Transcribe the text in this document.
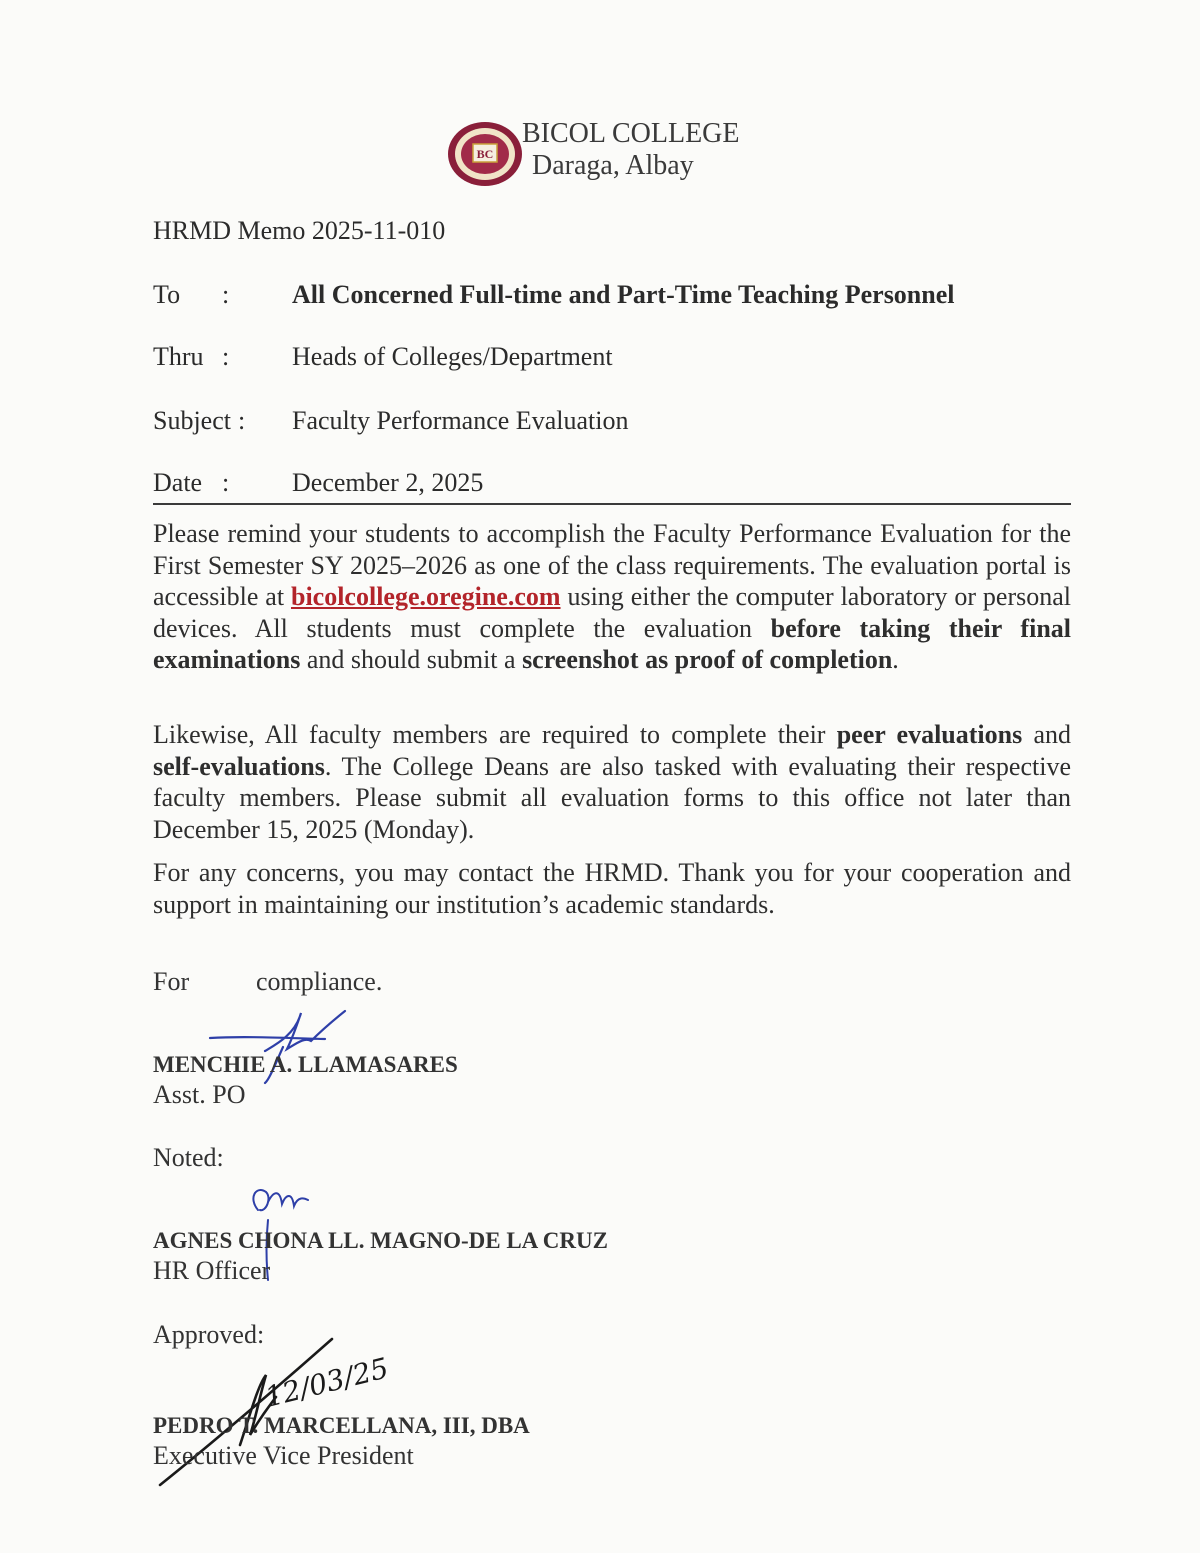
BC
BICOL COLLEGE
Daraga, Albay
HRMD Memo 2025-11-010
To : All Concerned Full-time and Part-Time Teaching Personnel
Thru : Heads of Colleges/Department
Subject : Faculty Performance Evaluation
Date : December 2, 2025
Please remind your students to accomplish the Faculty Performance Evaluation for the First Semester SY 2025–2026 as one of the class requirements. The evaluation portal is accessible at bicolcollege.oregine.com using either the computer laboratory or personal devices. All students must complete the evaluation before taking their final examinations and should submit a screenshot as proof of completion.
Likewise, All faculty members are required to complete their peer evaluations and self-evaluations. The College Deans are also tasked with evaluating their respective faculty members. Please submit all evaluation forms to this office not later than December 15, 2025 (Monday).
For any concerns, you may contact the HRMD. Thank you for your cooperation and support in maintaining our institution’s academic standards.
For	compliance.
MENCHIE A. LLAMASARES
Asst. PO
Noted:
AGNES CHONA LL. MAGNO-DE LA CRUZ
HR Officer
Approved:
12/03/25
PEDRO T. MARCELLANA, III, DBA
Executive Vice President
